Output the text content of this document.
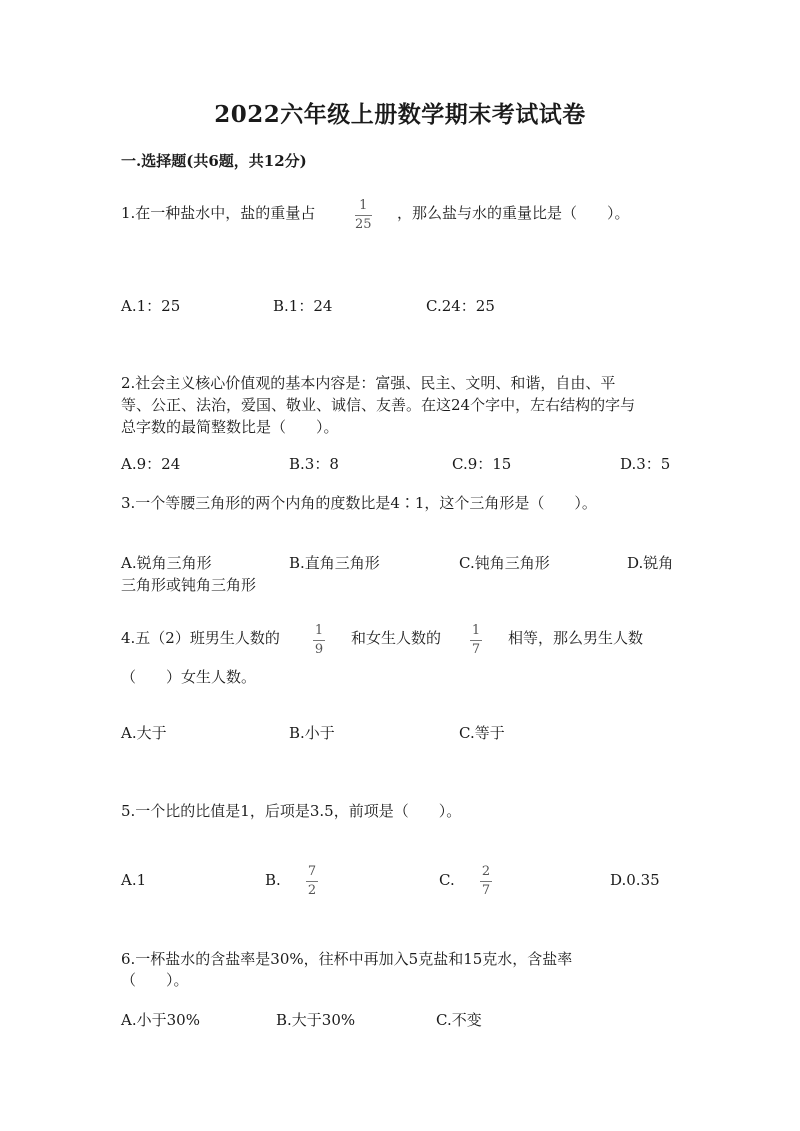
2022六年级上册数学期末考试试卷
一.选择题(共6题，共12分)
1.在一种盐水中，盐的重量占	1
25
，那么盐与水的重量比是（　　）。
A.1：25	B.1：24	C.24：25
2.社会主义核心价值观的基本内容是：富强、民主、文明、和谐，自由、平
等、公正、法治，爱国、敬业、诚信、友善。在这24个字中，左右结构的字与
总字数的最简整数比是（　　）。
A.9：24	B.3：8	C.9：15	D.3：5
3.一个等腰三角形的两个内角的度数比是4∶1，这个三角形是（　　）。
A.锐角三角形	B.直角三角形	C.钝角三角形	D.锐角
三角形或钝角三角形
4.五（2）班男生人数的	1
9
和女生人数的 1
7
相等，那么男生人数
（　　）女生人数。
A.大于	B.小于	C.等于
5.一个比的比值是1，后项是3.5，前项是（　　）。
A.1	B. 7
2
C. 2
7
D.0.35
6.一杯盐水的含盐率是30%，往杯中再加入5克盐和15克水，含盐率
（　　）。
A.小于30%	B.大于30%	C.不变
